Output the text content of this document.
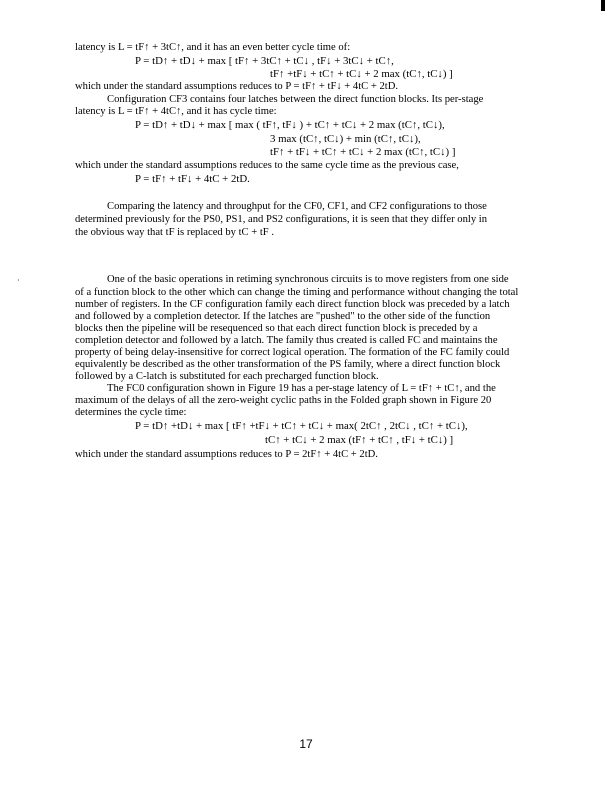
·

latency is L = tF↑ + 3tC↑, and it has an even better cycle time of:

P = tD↑ + tD↓ + max [ tF↑ + 3tC↑ + tC↓ , tF↓ + 3tC↓ + tC↑,

tF↑ +tF↓ + tC↑ + tC↓ + 2 max (tC↑, tC↓) ]

which under the standard assumptions reduces to P = tF↑ + tF↓ + 4tC + 2tD.

Configuration CF3 contains four latches between the direct function blocks. Its per-stage

latency is L = tF↑ + 4tC↑, and it has cycle time:

P = tD↑ + tD↓ + max [ max ( tF↑, tF↓ ) + tC↑ + tC↓ + 2 max (tC↑, tC↓),

3 max (tC↑, tC↓) + min (tC↑, tC↓),

tF↑ + tF↓ + tC↑ + tC↓ + 2 max (tC↑, tC↓) ]

which under the standard assumptions reduces to the same cycle time as the previous case,

P = tF↑ + tF↓ + 4tC + 2tD.

Comparing the latency and throughput for the CF0, CF1, and CF2 configurations to those

determined previously for the PS0, PS1, and PS2 configurations, it is seen that they differ only in

the obvious way that tF is replaced by tC + tF .

One of the basic operations in retiming synchronous circuits is to move registers from one side

of a function block to the other which can change the timing and performance without changing the total

number of registers. In the CF configuration family each direct function block was preceded by a latch

and followed by a completion detector. If the latches are "pushed" to the other side of the function

blocks then the pipeline will be resequenced so that each direct function block is preceded by a

completion detector and followed by a latch. The family thus created is called FC and maintains the

property of being delay-insensitive for correct logical operation. The formation of the FC family could

equivalently be described as the other transformation of the PS family, where a direct function block

followed by a C-latch is substituted for each precharged function block.

The FC0 configuration shown in Figure 19 has a per-stage latency of L = tF↑ + tC↑, and the

maximum of the delays of all the zero-weight cyclic paths in the Folded graph shown in Figure 20

determines the cycle time:

P = tD↑ +tD↓ + max [ tF↑ +tF↓ + tC↑ + tC↓ + max( 2tC↑ , 2tC↓ , tC↑ + tC↓),

tC↑ + tC↓ + 2 max (tF↑ + tC↑ , tF↓ + tC↓) ]

which under the standard assumptions reduces to P = 2tF↑ + 4tC + 2tD.

17
